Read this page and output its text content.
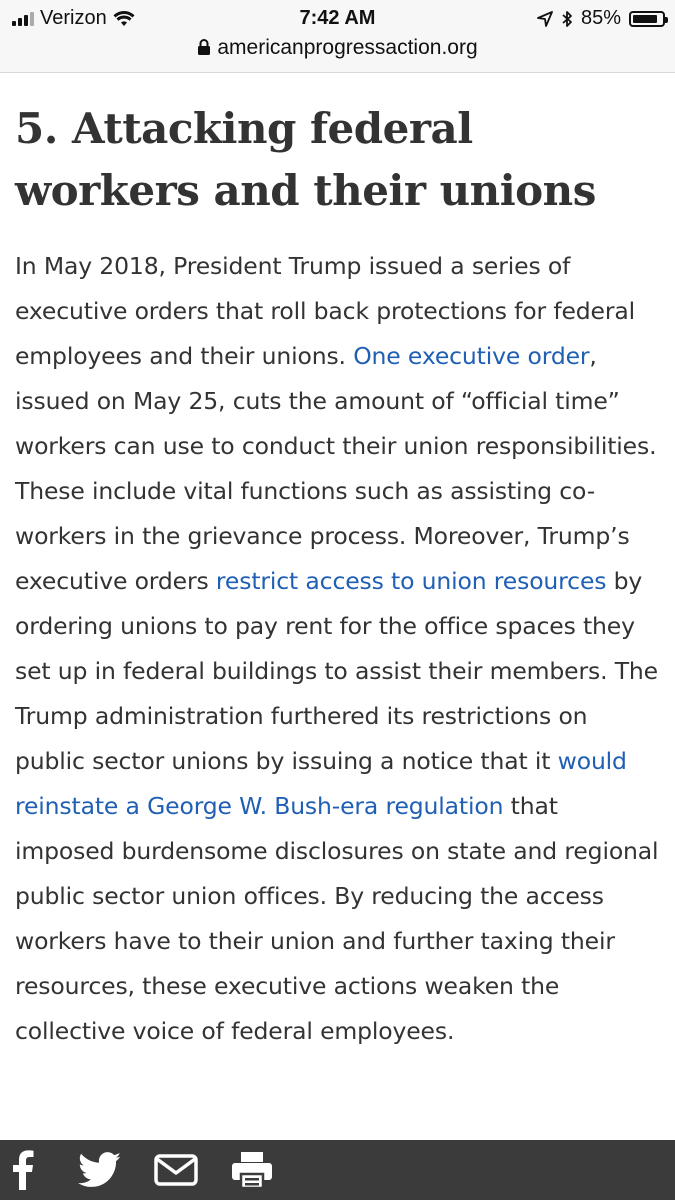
Verizon	7:42 AM	85%
americanprogressaction.org
5. Attacking federal
workers and their unions

In May 2018, President Trump issued a series of executive orders that roll back protections for federal employees and their unions. One executive order, issued on May 25, cuts the amount of “official time” workers can use to conduct their union responsibilities. These include vital functions such as assisting co-workers in the grievance process. Moreover, Trump’s executive orders restrict access to union resources by ordering unions to pay rent for the office spaces they set up in federal buildings to assist their members. The Trump administration furthered its restrictions on public sector unions by issuing a notice that it would reinstate a George W. Bush-era regulation that imposed burdensome disclosures on state and regional public sector union offices. By reducing the access workers have to their union and further taxing their resources, these executive actions weaken the collective voice of federal employees.
